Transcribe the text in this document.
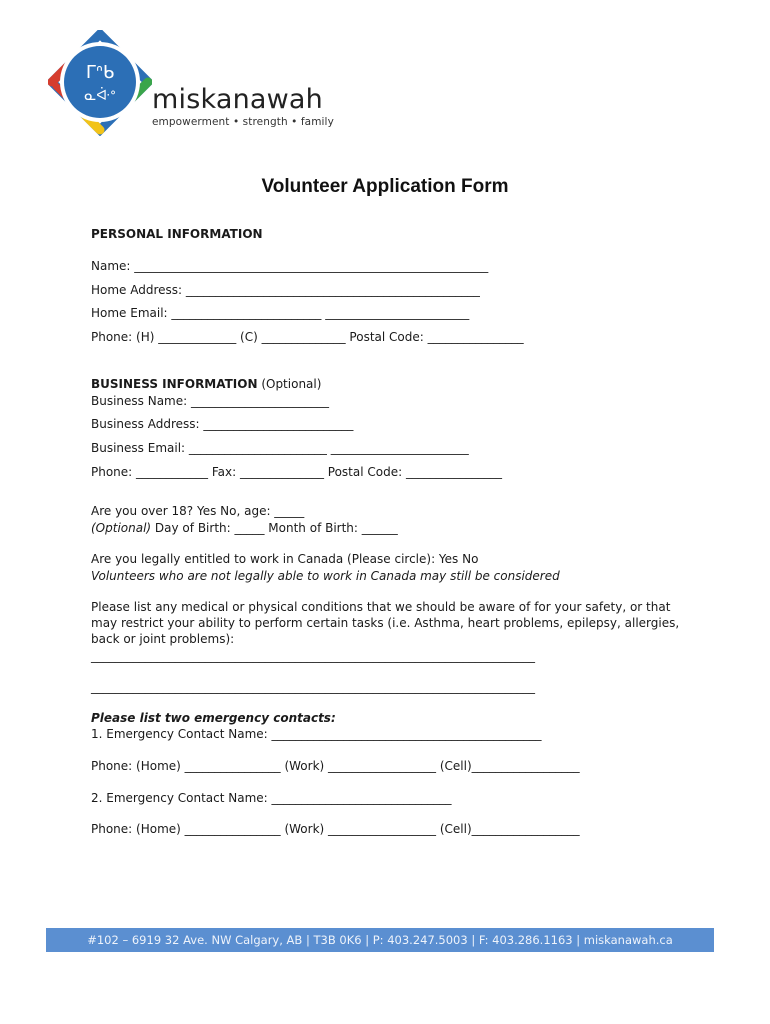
ᒥᐢᑲ
ᓇᐚᐤ miskanawah
empowerment • strength • family
Volunteer Application Form
PERSONAL INFORMATION
Name: ___________________________________________________________
Home Address: _________________________________________________
Home Email: _________________________ ________________________
Phone: (H) _____________ (C) ______________ Postal Code: ________________
BUSINESS INFORMATION (Optional)
Business Name: _______________________
Business Address: _________________________
Business Email: _______________________ _______________________
Phone: ____________ Fax: ______________ Postal Code: ________________
Are you over 18? Yes No, age: _____
(Optional) Day of Birth: _____ Month of Birth: ______
Are you legally entitled to work in Canada (Please circle): Yes No
Volunteers who are not legally able to work in Canada may still be considered
Please list any medical or physical conditions that we should be aware of for your safety, or that
may restrict your ability to perform certain tasks (i.e. Asthma, heart problems, epilepsy, allergies,
back or joint problems):
__________________________________________________________________________
__________________________________________________________________________
Please list two emergency contacts:
1. Emergency Contact Name: _____________________________________________
Phone: (Home) ________________ (Work) __________________ (Cell)__________________
2. Emergency Contact Name: ______________________________
Phone: (Home) ________________ (Work) __________________ (Cell)__________________
#102 – 6919 32 Ave. NW Calgary, AB | T3B 0K6 | P: 403.247.5003 | F: 403.286.1163 | miskanawah.ca
